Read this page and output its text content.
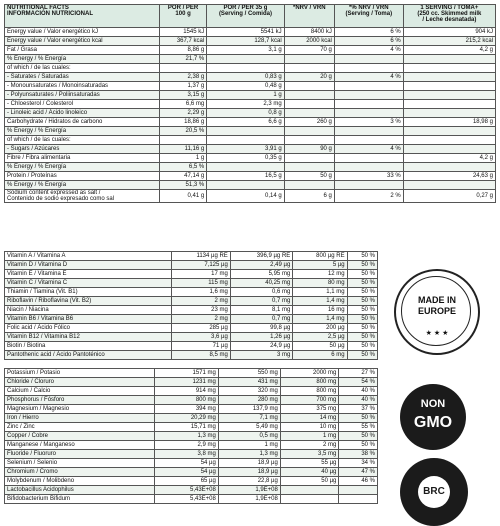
NUTRITIONAL FACTS
INFORMACIÓN NUTRICIONAL	POR / PER
100 g	POR / PER 35 g
(Serving / Comida)	*NRV / VRN	*% NRV / VRN
(Serving / Toma)	1 SERVING / TOMA+
(250 cc. Skimmed milk
/ Leche desnatada)
Energy value / Valor energético kJ	1545 kJ	5541 kJ	8400 kJ	6 %	904 kJ
Energy value / Valor energético kcal	367,7 kcal	128,7 kcal	2000 kcal	6 %	215,2 kcal
Fat / Grasa	8,86 g	3,1 g	70 g	4 %	4,2 g
% Energy / % Energía	21,7 %				
of which / de las cuales:					
- Saturates / Saturadas	2,38 g	0,83 g	20 g	4 %	
- Monounsaturates / Monoinsaturadas	1,37 g	0,48 g			
- Polyunsaturates / Poliinsaturadas	3,15 g	1 g			
- Chloesterol / Colesterol	6,6 mg	2,3 mg			
- Linoleic acid / Ácido linoleico	2,29 g	0,8 g			
Carbohydrate / Hidratos de carbono	18,86 g	6,6 g	260 g	3 %	18,98 g
% Energy / % Energía	20,5 %				
of which / de las cuales:					
- Sugars / Azúcares	11,16 g	3,91 g	90 g	4 %	
Fibre / Fibra alimentaria	1 g	0,35 g			4,2 g
% Energy / % Energía	6,5 %				
Protein / Proteínas	47,14 g	16,5 g	50 g	33 %	24,63 g
% Energy / % Energía	51,3 %				
Sodium content expressed as salt /
Contenido de sodio expresado como sal	0,41 g	0,14 g	6 g	2 %	0,27 g
Vitamin A / Vitamina A	1134 µg RE	396,9 µg RE	800 µg RE	50 %
Vitamin D / Vitamina D	7,125 µg	2,49 µg	5 µg	50 %
Vitamin E / Vitamina E	17 mg	5,95 mg	12 mg	50 %
Vitamin C / Vitamina C	115 mg	40,25 mg	80 mg	50 %
Thiamin / Tiamina (Vit. B1)	1,6 mg	0,6 mg	1,1 mg	50 %
Riboflavin / Riboflavina (Vit. B2)	2 mg	0,7 mg	1,4 mg	50 %
Niacin / Niacina	23 mg	8,1 mg	16 mg	50 %
Vitamin B6 / Vitamina B6	2 mg	0,7 mg	1,4 mg	50 %
Folic acid / Ácido Fólico	285 µg	99,8 µg	200 µg	50 %
Vitamin B12 / Vitamina B12	3,6 µg	1,26 µg	2,5 µg	50 %
Biotin / Biotina	71 µg	24,9 µg	50 µg	50 %
Pantothenic acid / Ácido Pantoténico	8,5 mg	3 mg	6 mg	50 %
Potassium / Potasio	1571 mg	550 mg	2000 mg	27 %
Chloride / Cloruro	1231 mg	431 mg	800 mg	54 %
Calcium / Calcio	914 mg	320 mg	800 mg	40 %
Phosphorus / Fósforo	800 mg	280 mg	700 mg	40 %
Magnesium / Magnesio	394 mg	137,9 mg	375 mg	37 %
Iron / Hierro	20,29 mg	7,1 mg	14 mg	50 %
Zinc / Zinc	15,71 mg	5,49 mg	10 mg	55 %
Copper / Cobre	1,3 mg	0,5 mg	1 mg	50 %
Manganese / Manganeso	2,9 mg	1 mg	2 mg	50 %
Fluoride / Fluoruro	3,8 mg	1,3 mg	3,5 mg	38 %
Selenium / Selenio	54 µg	18,9 µg	55 µg	34 %
Chromium / Cromo	54 µg	18,9 µg	40 µg	47 %
Molybdenum / Molibdeno	65 µg	22,8 µg	50 µg	46 %
Lactobacillus Acidophilus	5,43E+08	1,9E+08		
Bifidobacterium Bifidum	5,43E+08	1,9E+08		
MADE IN
EUROPE
★ ★ ★
NON
GMO
BRC
